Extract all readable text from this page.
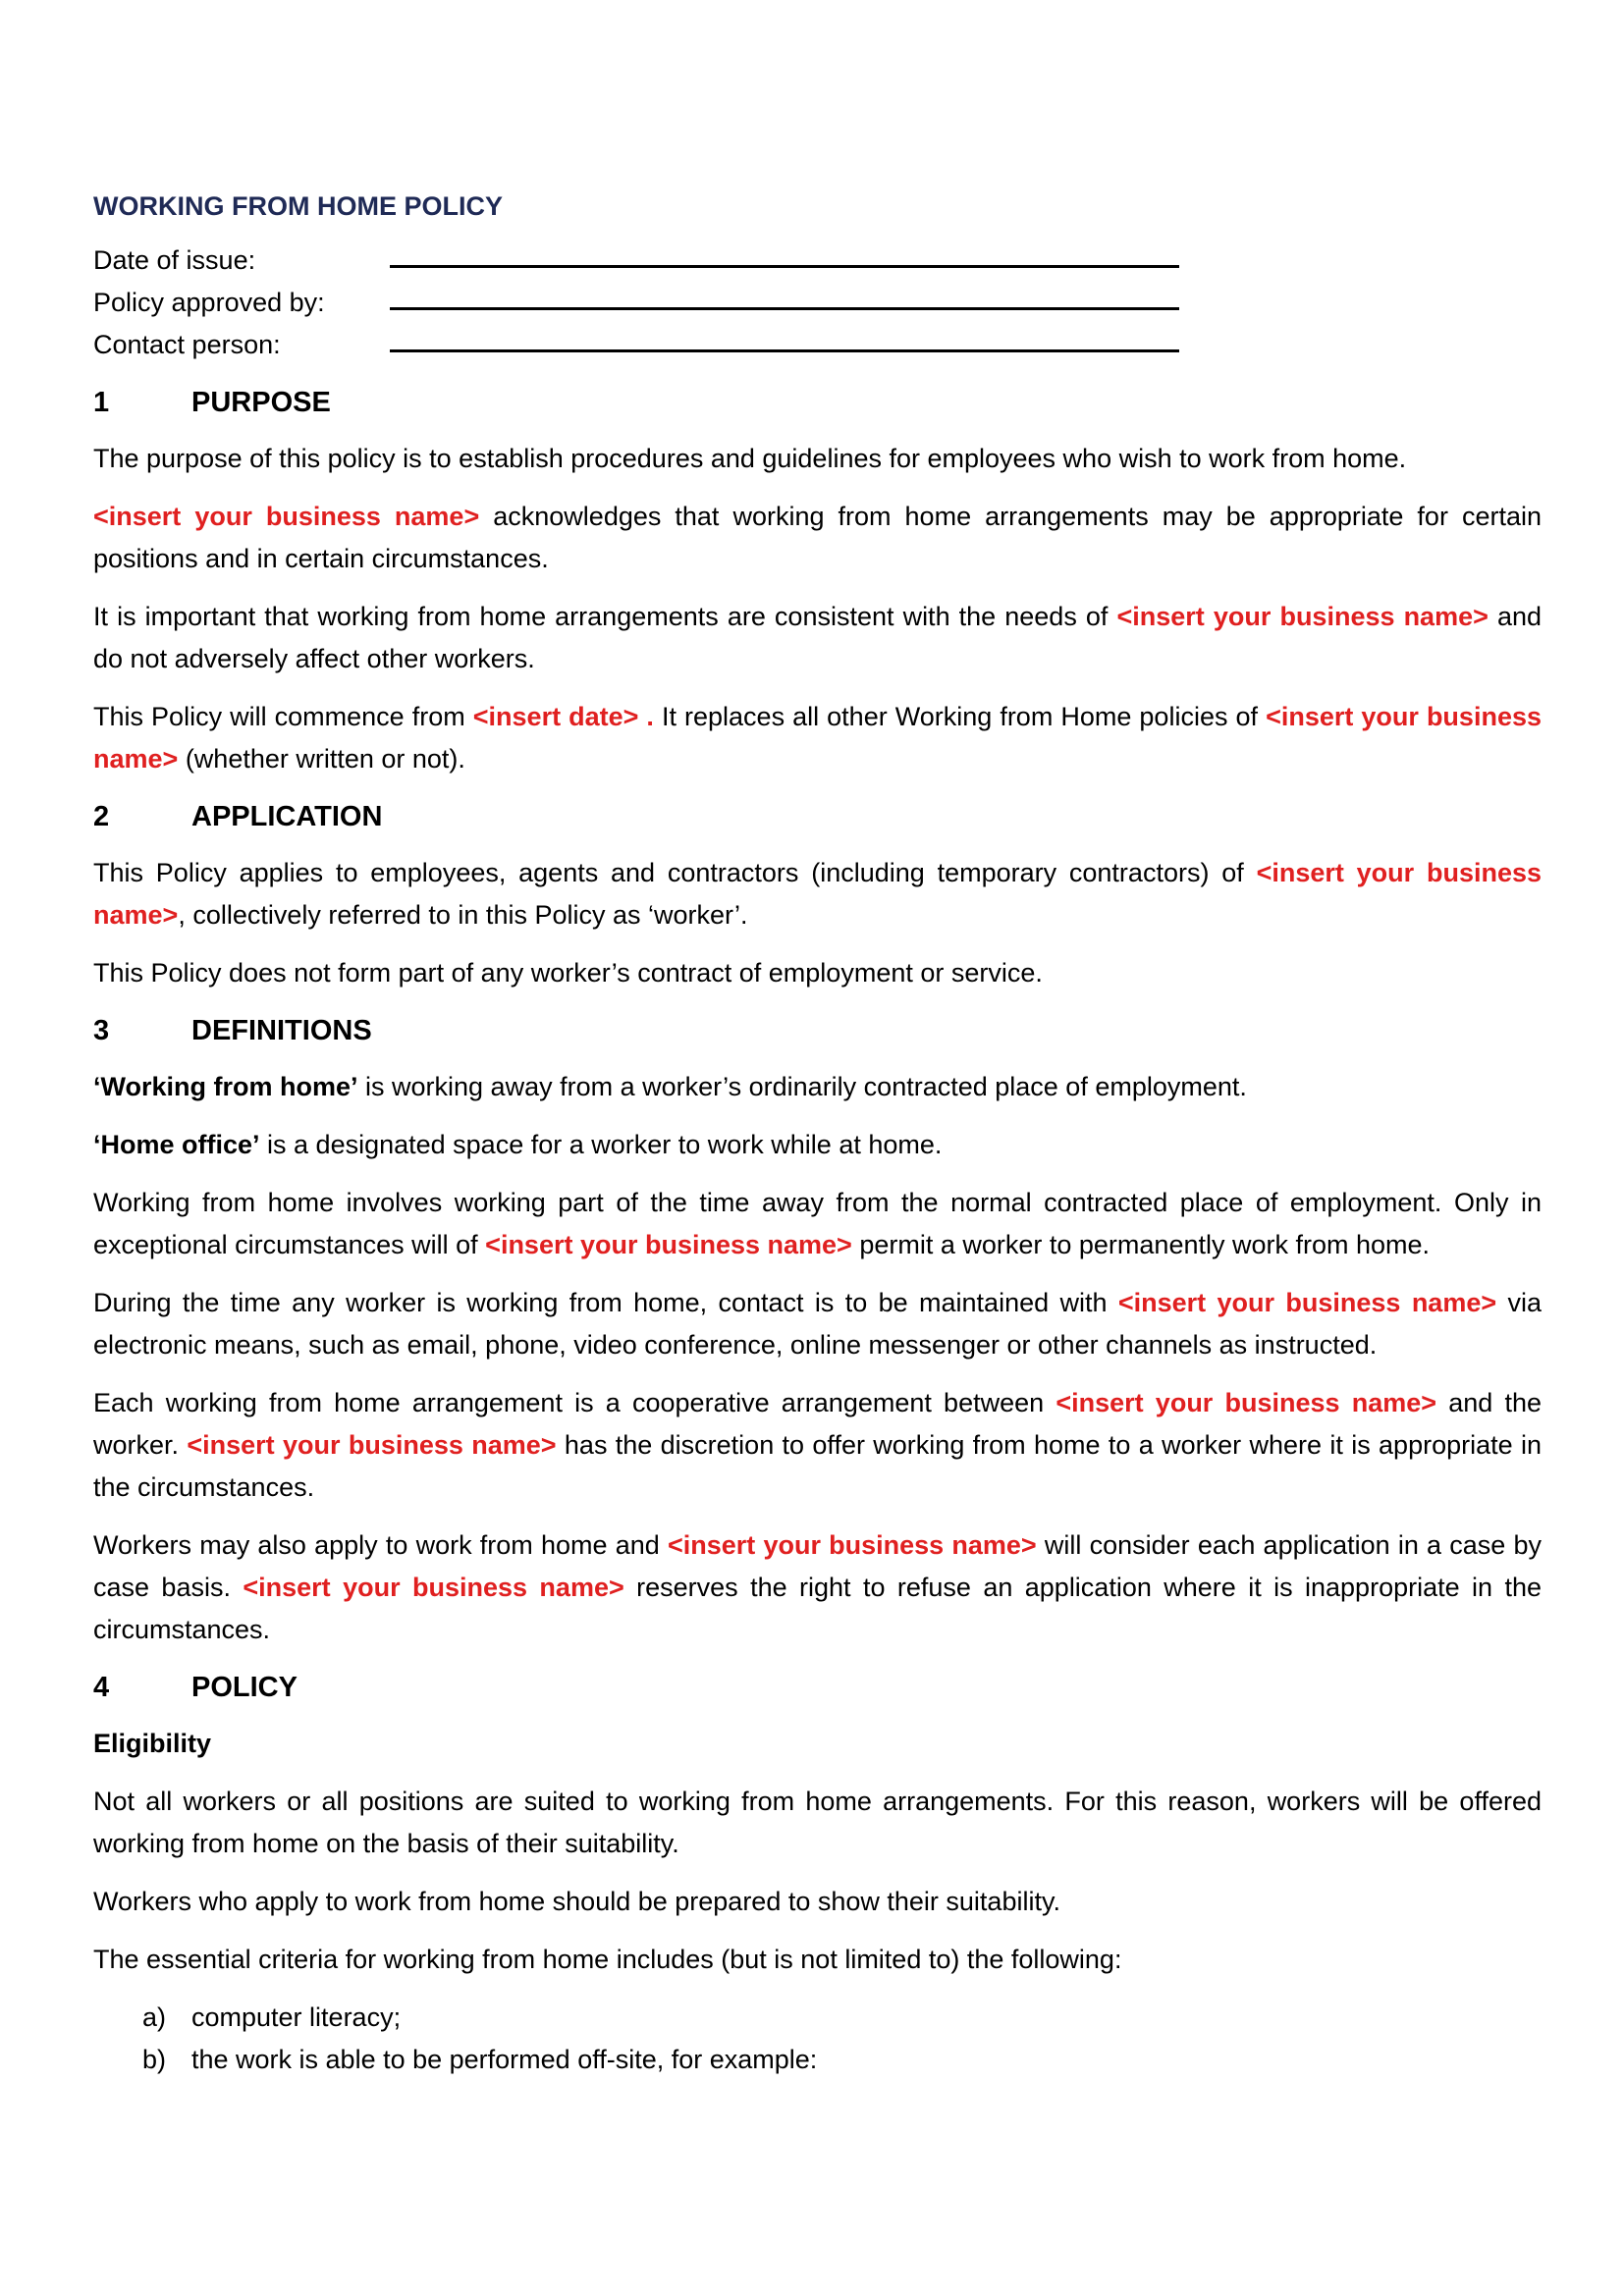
WORKING FROM HOME POLICY
Date of issue:
Policy approved by:
Contact person:
1	PURPOSE

The purpose of this policy is to establish procedures and guidelines for employees who wish to work from home.

<insert your business name> acknowledges that working from home arrangements may be appropriate for certain positions and in certain circumstances.

It is important that working from home arrangements are consistent with the needs of <insert your business name> and do not adversely affect other workers.

This Policy will commence from <insert date> . It replaces all other Working from Home policies of <insert your business name> (whether written or not).

2	APPLICATION

This Policy applies to employees, agents and contractors (including temporary contractors) of <insert your business name>, collectively referred to in this Policy as ‘worker’.

This Policy does not form part of any worker’s contract of employment or service.

3	DEFINITIONS

‘Working from home’ is working away from a worker’s ordinarily contracted place of employment.

‘Home office’ is a designated space for a worker to work while at home.

Working from home involves working part of the time away from the normal contracted place of employment. Only in exceptional circumstances will of <insert your business name> permit a worker to permanently work from home.

During the time any worker is working from home, contact is to be maintained with <insert your business name> via electronic means, such as email, phone, video conference, online messenger or other channels as instructed.

Each working from home arrangement is a cooperative arrangement between <insert your business name> and the worker. <insert your business name> has the discretion to offer working from home to a worker where it is appropriate in the circumstances.

Workers may also apply to work from home and <insert your business name> will consider each application in a case by case basis. <insert your business name> reserves the right to refuse an application where it is inappropriate in the circumstances.

4	POLICY
Eligibility

Not all workers or all positions are suited to working from home arrangements. For this reason, workers will be offered working from home on the basis of their suitability.

Workers who apply to work from home should be prepared to show their suitability.

The essential criteria for working from home includes (but is not limited to) the following:

a) computer literacy;
b) the work is able to be performed off-site, for example:
